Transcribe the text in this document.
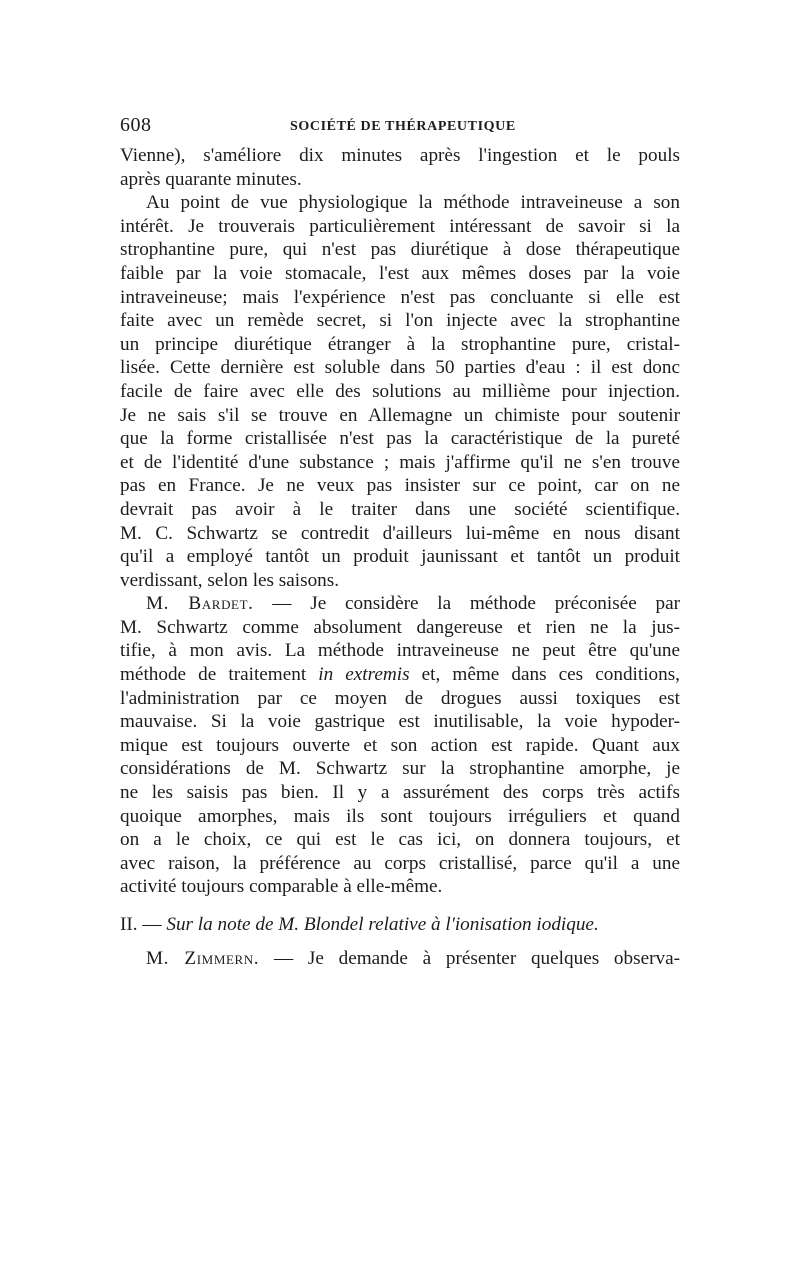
608	SOCIÉTÉ DE THÉRAPEUTIQUE

Vienne), s'améliore dix minutes après l'ingestion et le pouls
après quarante minutes.

Au point de vue physiologique la méthode intraveineuse a son
intérêt. Je trouverais particulièrement intéressant de savoir si la
strophantine pure, qui n'est pas diurétique à dose thérapeutique
faible par la voie stomacale, l'est aux mêmes doses par la voie
intraveineuse; mais l'expérience n'est pas concluante si elle est
faite avec un remède secret, si l'on injecte avec la strophantine
un principe diurétique étranger à la strophantine pure, cristal-
lisée. Cette dernière est soluble dans 50 parties d'eau : il est donc
facile de faire avec elle des solutions au millième pour injection.
Je ne sais s'il se trouve en Allemagne un chimiste pour soutenir
que la forme cristallisée n'est pas la caractéristique de la pureté
et de l'identité d'une substance ; mais j'affirme qu'il ne s'en trouve
pas en France. Je ne veux pas insister sur ce point, car on ne
devrait pas avoir à le traiter dans une société scientifique.
M. C. Schwartz se contredit d'ailleurs lui-même en nous disant
qu'il a employé tantôt un produit jaunissant et tantôt un produit
verdissant, selon les saisons.

M. Bardet. — Je considère la méthode préconisée par
M. Schwartz comme absolument dangereuse et rien ne la jus-
tifie, à mon avis. La méthode intraveineuse ne peut être qu'une
méthode de traitement in extremis et, même dans ces conditions,
l'administration par ce moyen de drogues aussi toxiques est
mauvaise. Si la voie gastrique est inutilisable, la voie hypoder-
mique est toujours ouverte et son action est rapide. Quant aux
considérations de M. Schwartz sur la strophantine amorphe, je
ne les saisis pas bien. Il y a assurément des corps très actifs
quoique amorphes, mais ils sont toujours irréguliers et quand
on a le choix, ce qui est le cas ici, on donnera toujours, et
avec raison, la préférence au corps cristallisé, parce qu'il a une
activité toujours comparable à elle-même.

II. — Sur la note de M. Blondel relative à l'ionisation iodique.

M. Zimmern. — Je demande à présenter quelques observa-
